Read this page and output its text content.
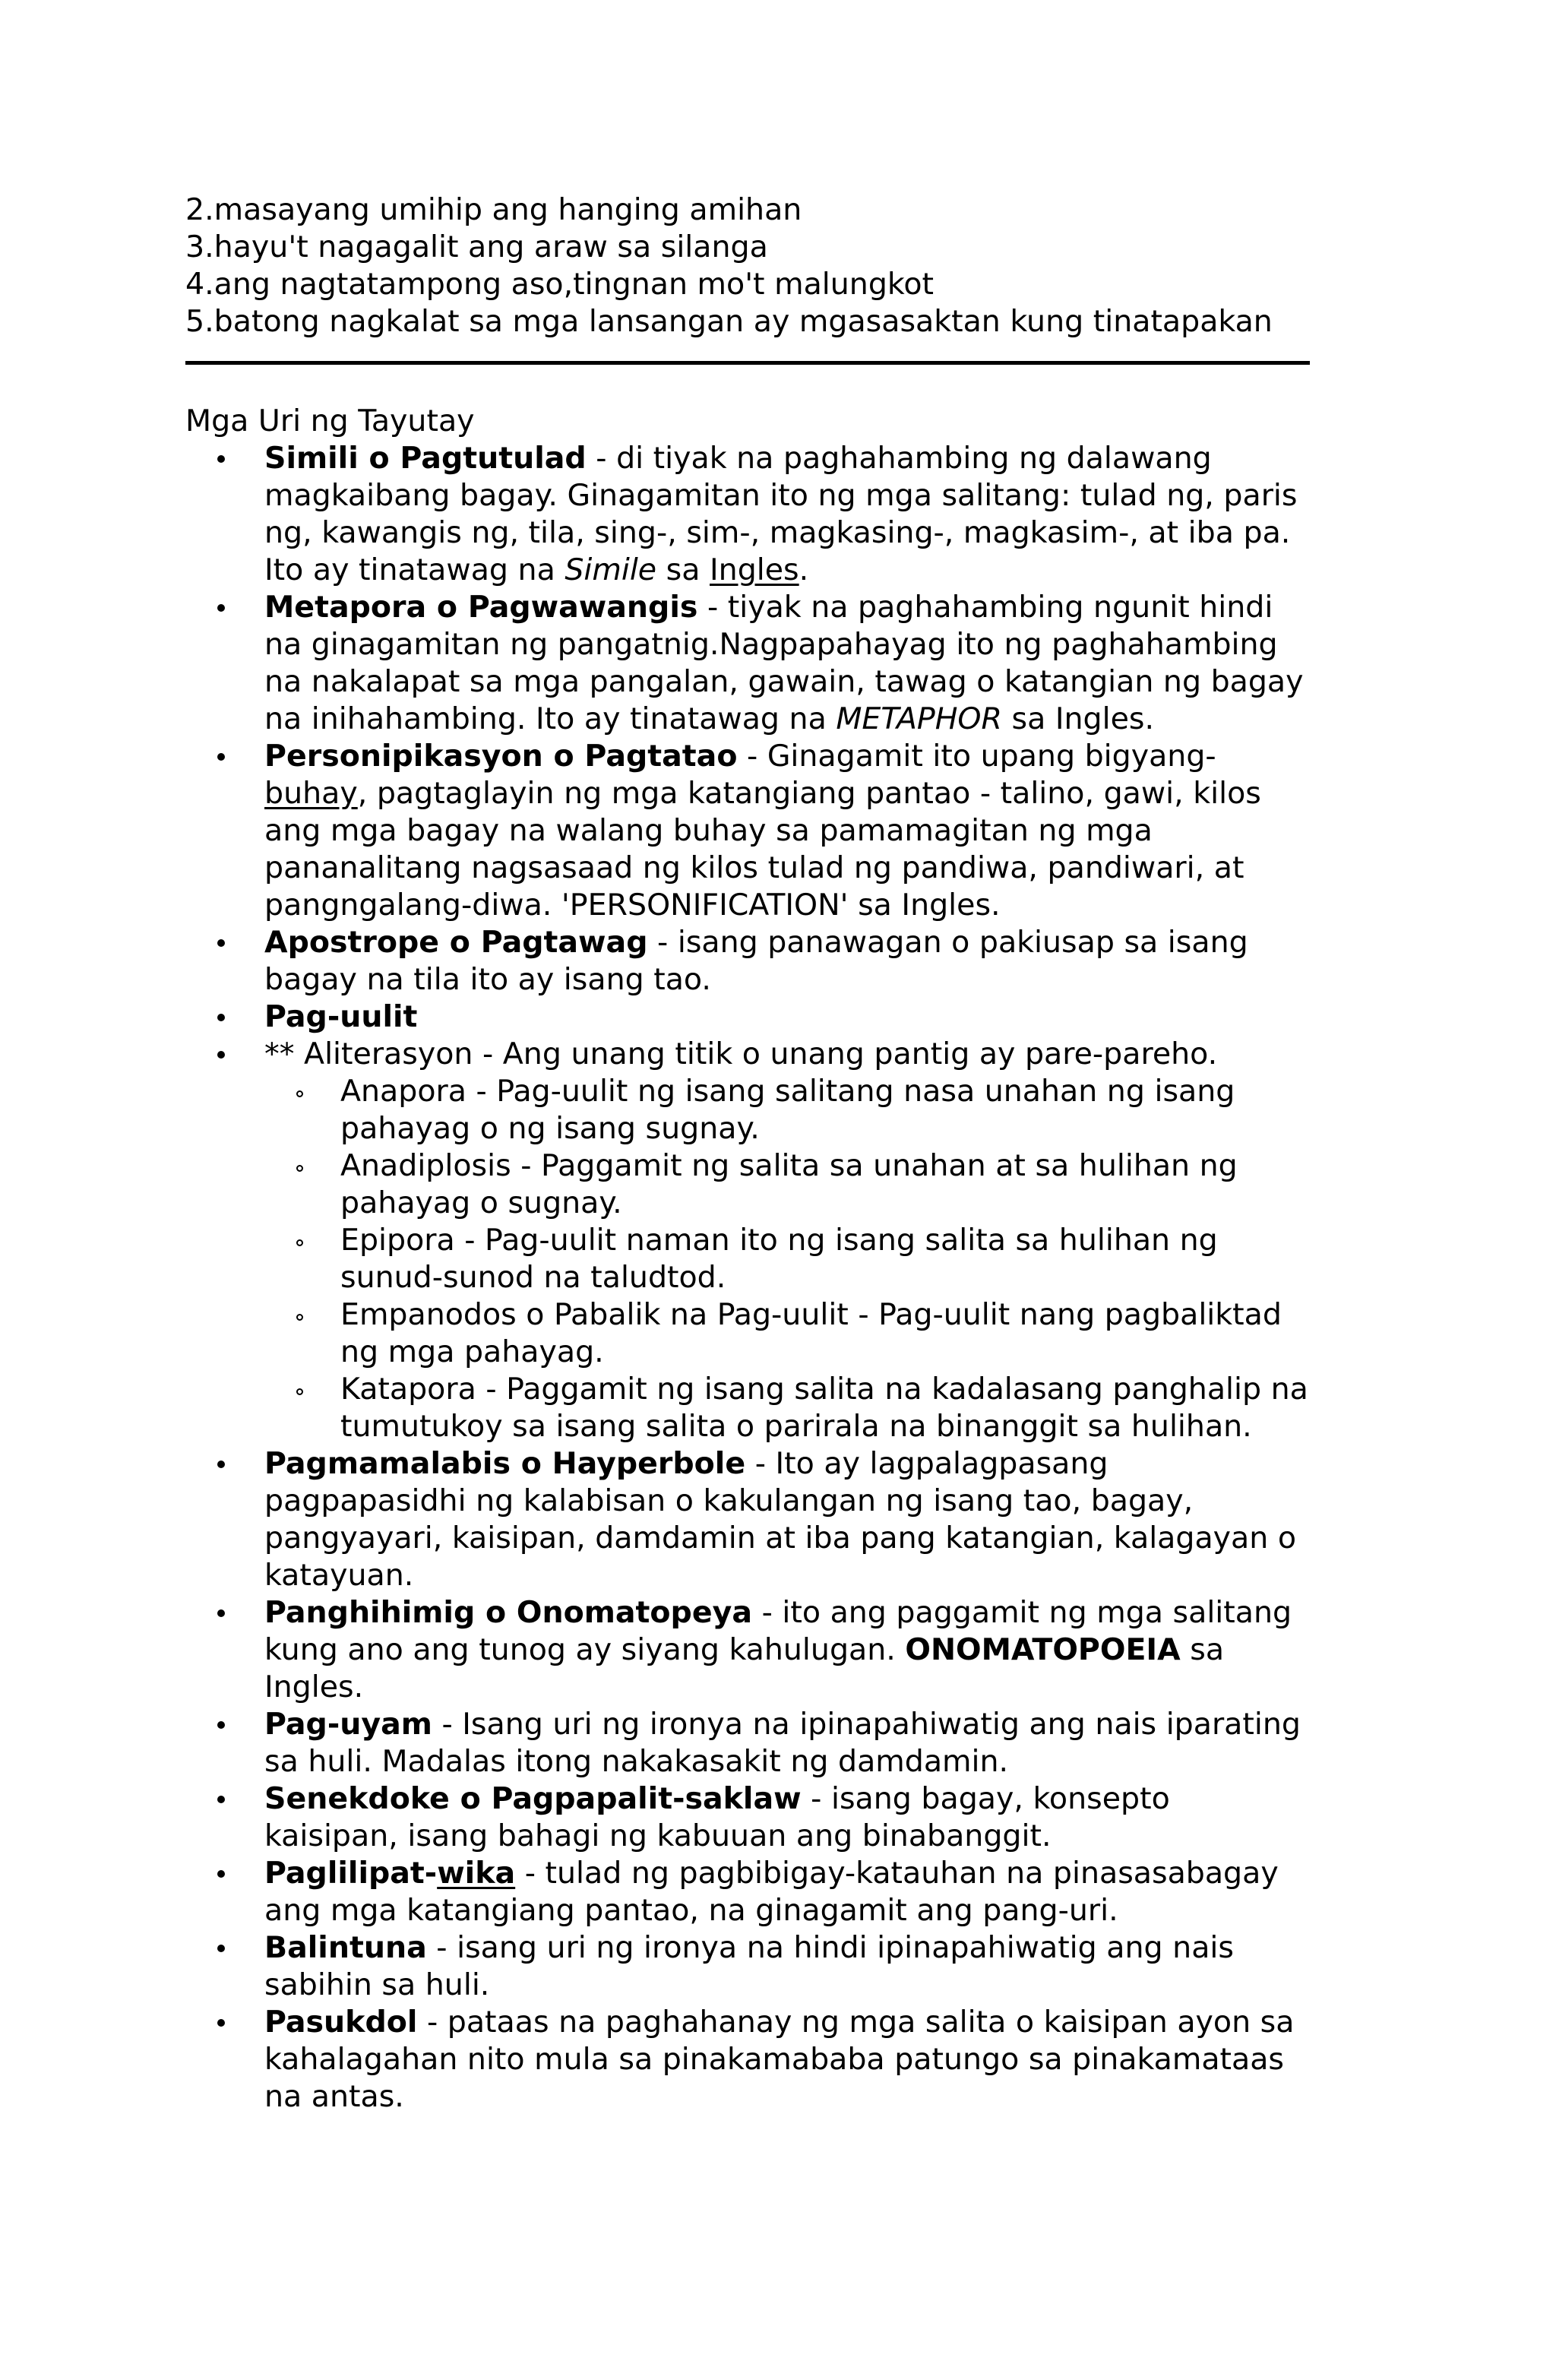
2.masayang umihip ang hanging amihan
3.hayu't nagagalit ang araw sa silanga
4.ang nagtatampong aso,tingnan mo't malungkot
5.batong nagkalat sa mga lansangan ay mgasasaktan kung tinatapakan
Mga Uri ng Tayutay
Simili o Pagtutulad - di tiyak na paghahambing ng dalawang magkaibang bagay. Ginagamitan ito ng mga salitang: tulad ng, paris ng, kawangis ng, tila, sing-, sim-, magkasing-, magkasim-, at iba pa. Ito ay tinatawag na Simile sa Ingles.
Metapora o Pagwawangis - tiyak na paghahambing ngunit hindi na ginagamitan ng pangatnig.Nagpapahayag ito ng paghahambing na nakalapat sa mga pangalan, gawain, tawag o katangian ng bagay na inihahambing. Ito ay tinatawag na METAPHOR sa Ingles.
Personipikasyon o Pagtatao - Ginagamit ito upang bigyang-
buhay, pagtaglayin ng mga katangiang pantao - talino, gawi, kilos ang mga bagay na walang buhay sa pamamagitan ng mga pananalitang nagsasaad ng kilos tulad ng pandiwa, pandiwari, at pangngalang-diwa. 'PERSONIFICATION' sa Ingles.
Apostrope o Pagtawag - isang panawagan o pakiusap sa isang bagay na tila ito ay isang tao.
Pag-uulit
** Aliterasyon - Ang unang titik o unang pantig ay pare-pareho.
Anapora - Pag-uulit ng isang salitang nasa unahan ng isang pahayag o ng isang sugnay.
Anadiplosis - Paggamit ng salita sa unahan at sa hulihan ng pahayag o sugnay.
Epipora - Pag-uulit naman ito ng isang salita sa hulihan ng sunud-sunod na taludtod.
Empanodos o Pabalik na Pag-uulit - Pag-uulit nang pagbaliktad ng mga pahayag.
Katapora - Paggamit ng isang salita na kadalasang panghalip na tumutukoy sa isang salita o parirala na binanggit sa hulihan.
Pagmamalabis o Hayperbole - Ito ay lagpalagpasang pagpapasidhi ng kalabisan o kakulangan ng isang tao, bagay, pangyayari, kaisipan, damdamin at iba pang katangian, kalagayan o katayuan.
Panghihimig o Onomatopeya - ito ang paggamit ng mga salitang kung ano ang tunog ay siyang kahulugan. ONOMATOPOEIA sa Ingles.
Pag-uyam - Isang uri ng ironya na ipinapahiwatig ang nais iparating sa huli. Madalas itong nakakasakit ng damdamin.
Senekdoke o Pagpapalit-saklaw - isang bagay, konsepto kaisipan, isang bahagi ng kabuuan ang binabanggit.
Paglilipat-wika - tulad ng pagbibigay-katauhan na pinasasabagay ang mga katangiang pantao, na ginagamit ang pang-uri.
Balintuna - isang uri ng ironya na hindi ipinapahiwatig ang nais sabihin sa huli.
Pasukdol - pataas na paghahanay ng mga salita o kaisipan ayon sa kahalagahan nito mula sa pinakamababa patungo sa pinakamataas na antas.
